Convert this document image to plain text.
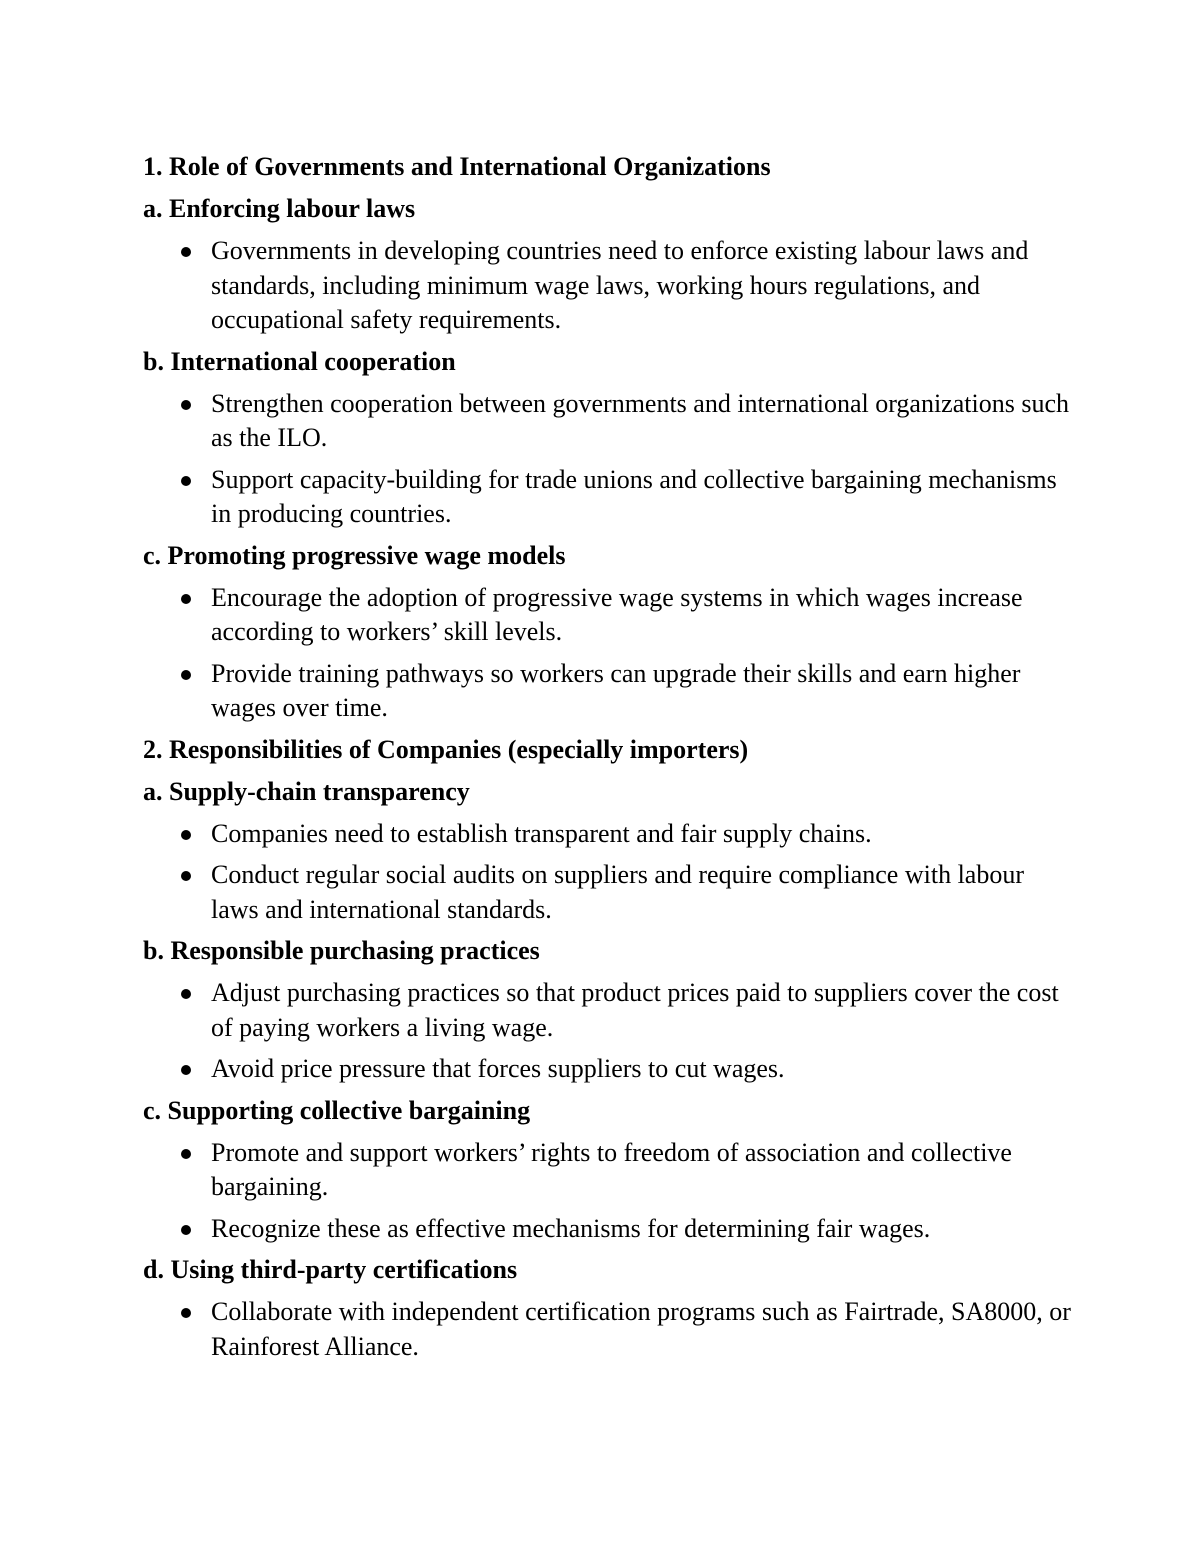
1. Role of Governments and International Organizations
a. Enforcing labour laws
Governments in developing countries need to enforce existing labour laws and standards, including minimum wage laws, working hours regulations, and occupational safety requirements.
b. International cooperation
Strengthen cooperation between governments and international organizations such as the ILO.
Support capacity-building for trade unions and collective bargaining mechanisms in producing countries.
c. Promoting progressive wage models
Encourage the adoption of progressive wage systems in which wages increase according to workers’ skill levels.
Provide training pathways so workers can upgrade their skills and earn higher wages over time.
2. Responsibilities of Companies (especially importers)
a. Supply-chain transparency
Companies need to establish transparent and fair supply chains.
Conduct regular social audits on suppliers and require compliance with labour laws and international standards.
b. Responsible purchasing practices
Adjust purchasing practices so that product prices paid to suppliers cover the cost of paying workers a living wage.
Avoid price pressure that forces suppliers to cut wages.
c. Supporting collective bargaining
Promote and support workers’ rights to freedom of association and collective bargaining.
Recognize these as effective mechanisms for determining fair wages.
d. Using third-party certifications
Collaborate with independent certification programs such as Fairtrade, SA8000, or Rainforest Alliance.
